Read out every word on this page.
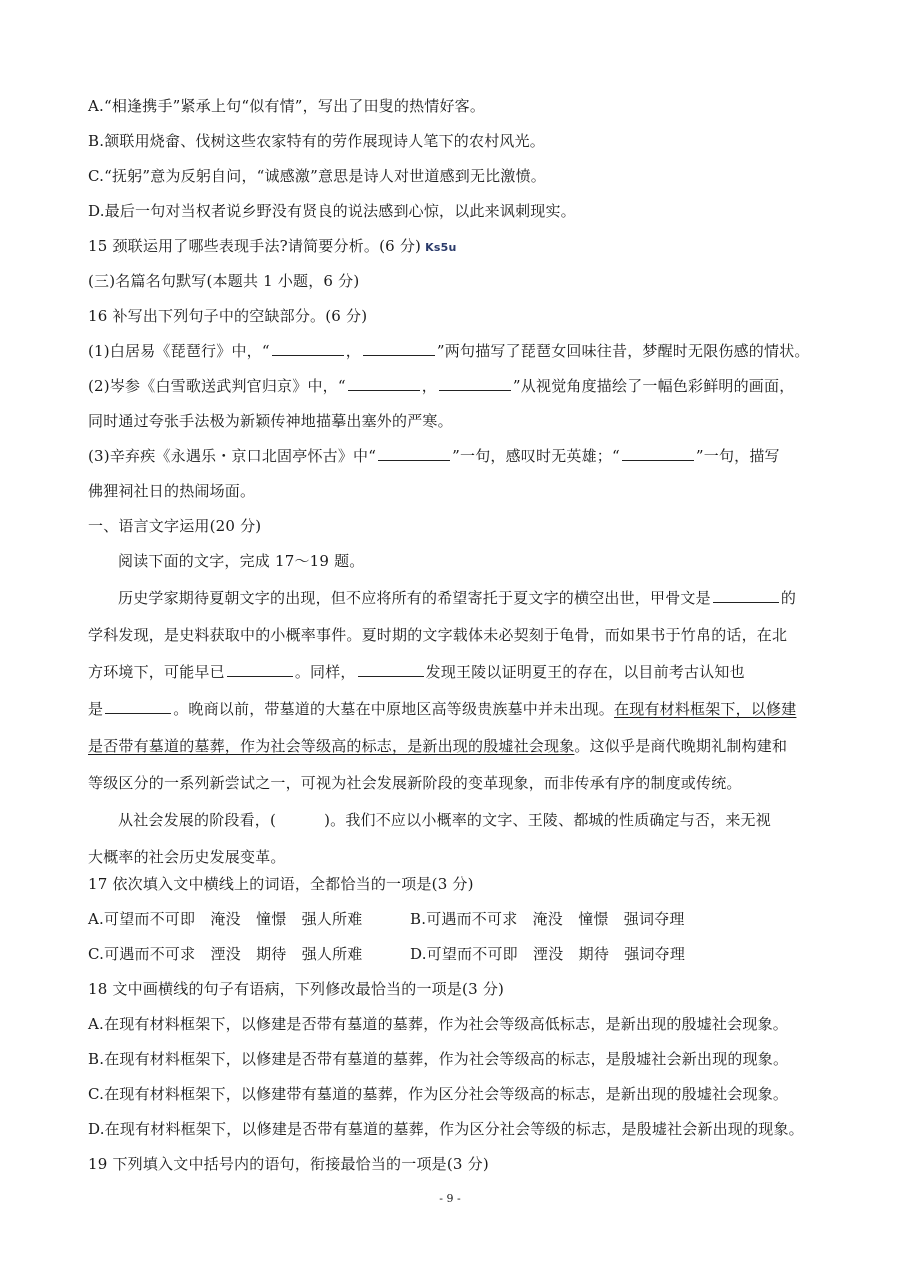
A.“相逢携手”紧承上句“似有情”，写出了田叟的热情好客。
B.颔联用烧畲、伐树这些农家特有的劳作展现诗人笔下的农村风光。
C.“抚躬”意为反躬自问，“诚感激”意思是诗人对世道感到无比激愤。
D.最后一句对当权者说乡野没有贤良的说法感到心惊，以此来讽刺现实。
15 颈联运用了哪些表现手法?请简要分析。(6 分) Ks5u
(三)名篇名句默写(本题共 1 小题，6 分)
16 补写出下列句子中的空缺部分。(6 分)
(1)白居易《琵琶行》中，“	，	”两句描写了琵琶女回味往昔，梦醒时无限伤感的情状。
(2)岑参《白雪歌送武判官归京》中，“	，	”从视觉角度描绘了一幅色彩鲜明的画面，
同时通过夸张手法极为新颖传神地描摹出塞外的严寒。
(3)辛弃疾《永遇乐・京口北固亭怀古》中“	”一句，感叹时无英雄；“	”一句，描写
佛狸祠社日的热闹场面。
一、语言文字运用(20 分)
阅读下面的文字，完成 17～19 题。
历史学家期待夏朝文字的出现，但不应将所有的希望寄托于夏文字的横空出世，甲骨文是	的
学科发现，是史料获取中的小概率事件。夏时期的文字载体未必契刻于龟骨，而如果书于竹帛的话，在北
方环境下，可能早已	。同样，	发现王陵以证明夏王的存在，以目前考古认知也
是	。晚商以前，带墓道的大墓在中原地区高等级贵族墓中并未出现。在现有材料框架下，以修建
是否带有墓道的墓葬，作为社会等级高的标志，是新出现的殷墟社会现象。这似乎是商代晚期礼制构建和
等级区分的一系列新尝试之一，可视为社会发展新阶段的变革现象，而非传承有序的制度或传统。
从社会发展的阶段看，(	)。我们不应以小概率的文字、王陵、都城的性质确定与否，来无视
大概率的社会历史发展变革。
17 依次填入文中横线上的词语，全都恰当的一项是(3 分)
A.可望而不可即　淹没　憧憬　强人所难	B.可遇而不可求　淹没　憧憬　强词夺理
C.可遇而不可求　湮没　期待　强人所难	D.可望而不可即　湮没　期待　强词夺理
18 文中画横线的句子有语病，下列修改最恰当的一项是(3 分)
A.在现有材料框架下，以修建是否带有墓道的墓葬，作为社会等级高低标志，是新出现的殷墟社会现象。
B.在现有材料框架下，以修建是否带有墓道的墓葬，作为社会等级高的标志，是殷墟社会新出现的现象。
C.在现有材料框架下，以修建带有墓道的墓葬，作为区分社会等级高的标志，是新出现的殷墟社会现象。
D.在现有材料框架下，以修建是否带有墓道的墓葬，作为区分社会等级的标志，是殷墟社会新出现的现象。
19 下列填入文中括号内的语句，衔接最恰当的一项是(3 分)
- 9 -
